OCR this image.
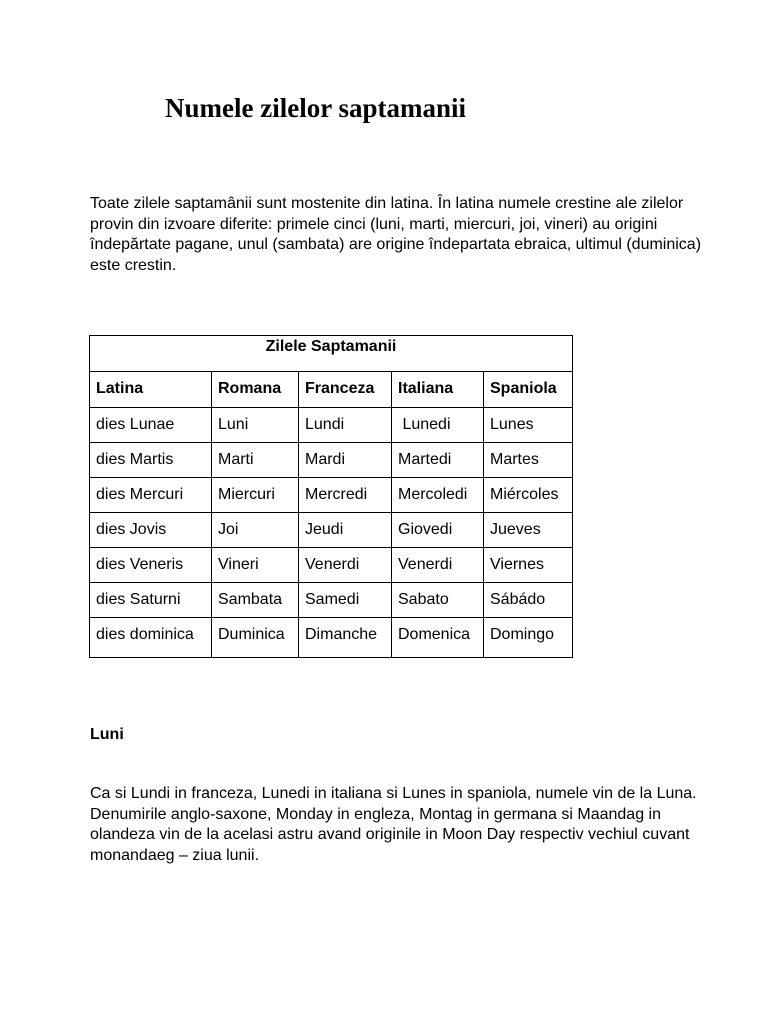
Numele zilelor saptamanii

Toate zilele saptamânii sunt mostenite din latina. În latina numele crestine ale zilelor provin din izvoare diferite: primele cinci (luni, marti, miercuri, joi, vineri) au origini îndepărtate pagane, unul (sambata) are origine îndepartata ebraica, ultimul (duminica) este crestin.

Zilele Saptamanii				
Latina	Romana	Franceza	Italiana	Spaniola
dies Lunae	Luni	Lundi	Lunedi	Lunes
dies Martis	Marti	Mardi	Martedi	Martes
dies Mercuri	Miercuri	Mercredi	Mercoledi	Miércoles
dies Jovis	Joi	Jeudi	Giovedi	Jueves
dies Veneris	Vineri	Venerdi	Venerdi	Viernes
dies Saturni	Sambata	Samedi	Sabato	Sábádo
dies dominica	Duminica	Dimanche	Domenica	Domingo
Luni

Ca si Lundi in franceza, Lunedi in italiana si Lunes in spaniola, numele vin de la Luna. Denumirile anglo-saxone, Monday in engleza, Montag in germana si Maandag in olandeza vin de la acelasi astru avand originile in Moon Day respectiv vechiul cuvant monandaeg – ziua lunii.
